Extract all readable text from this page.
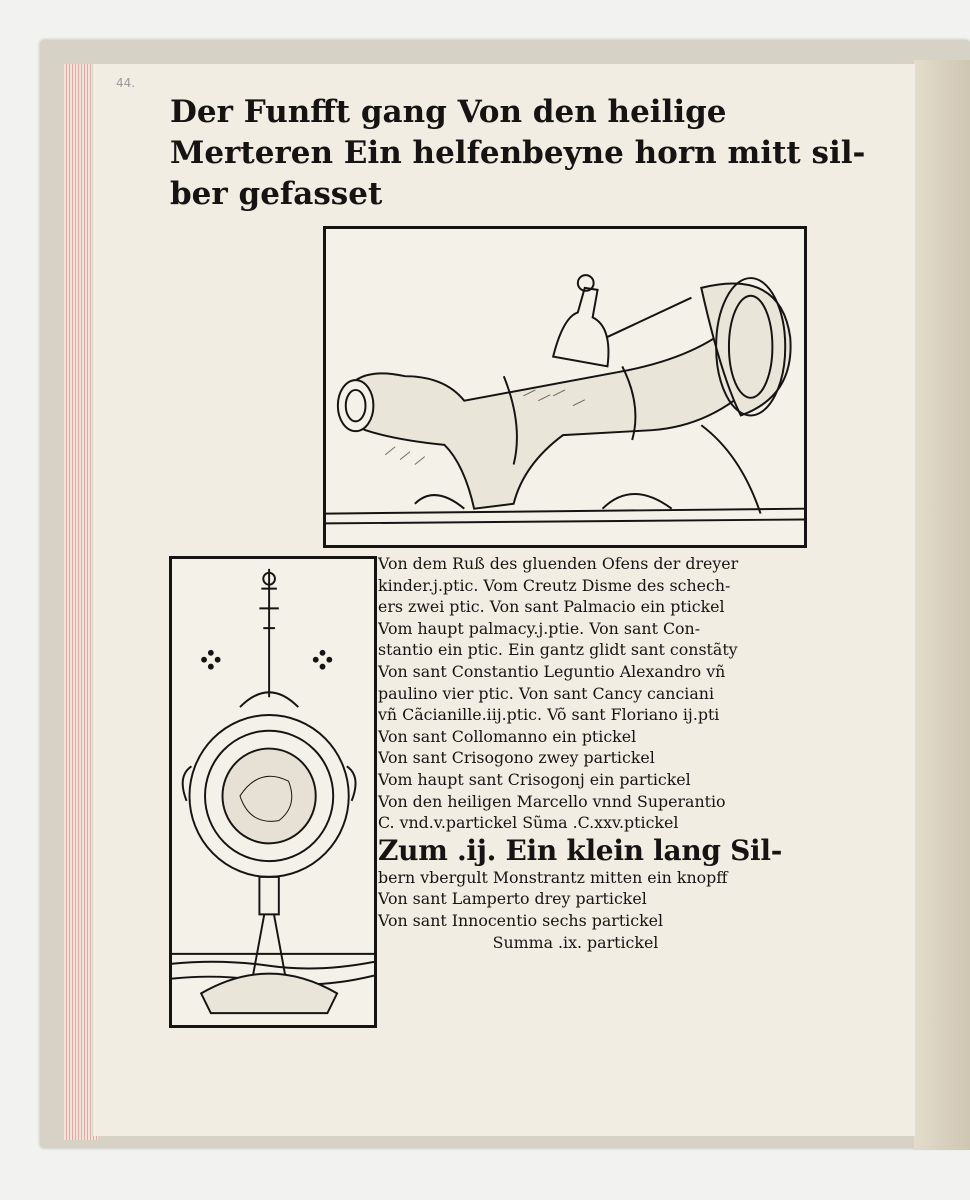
44.
Der Funfft gang Von den heilige
Merteren Ein helfenbeyne horn mitt sil-
ber gefasset
Von dem Ruß des gluenden Ofens der dreyer
kinder.j.ptic. Vom Creutz Disme des schech-
ers zwei ptic. Von sant Palmacio ein ptickel
Vom haupt palmacy.j.ptie. Von sant Con-
stantio ein ptic. Ein gantz glidt sant constãty
Von sant Constantio Leguntio Alexandro vñ
paulino vier ptic. Von sant Cancy canciani
vñ Cãcianille.iij.ptic. Võ sant Floriano ij.pti
Von sant Collomanno ein ptickel
Von sant Crisogono zwey partickel
Vom haupt sant Crisogonj ein partickel
Von den heiligen Marcello vnnd Superantio
C. vnd.v.partickel Sũma .C.xxv.ptickel
Zum .ij. Ein klein lang Sil-
bern vbergult Monstrantz mitten ein knopff
Von sant Lamperto drey partickel
Von sant Innocentio sechs partickel
Summa .ix. partickel
